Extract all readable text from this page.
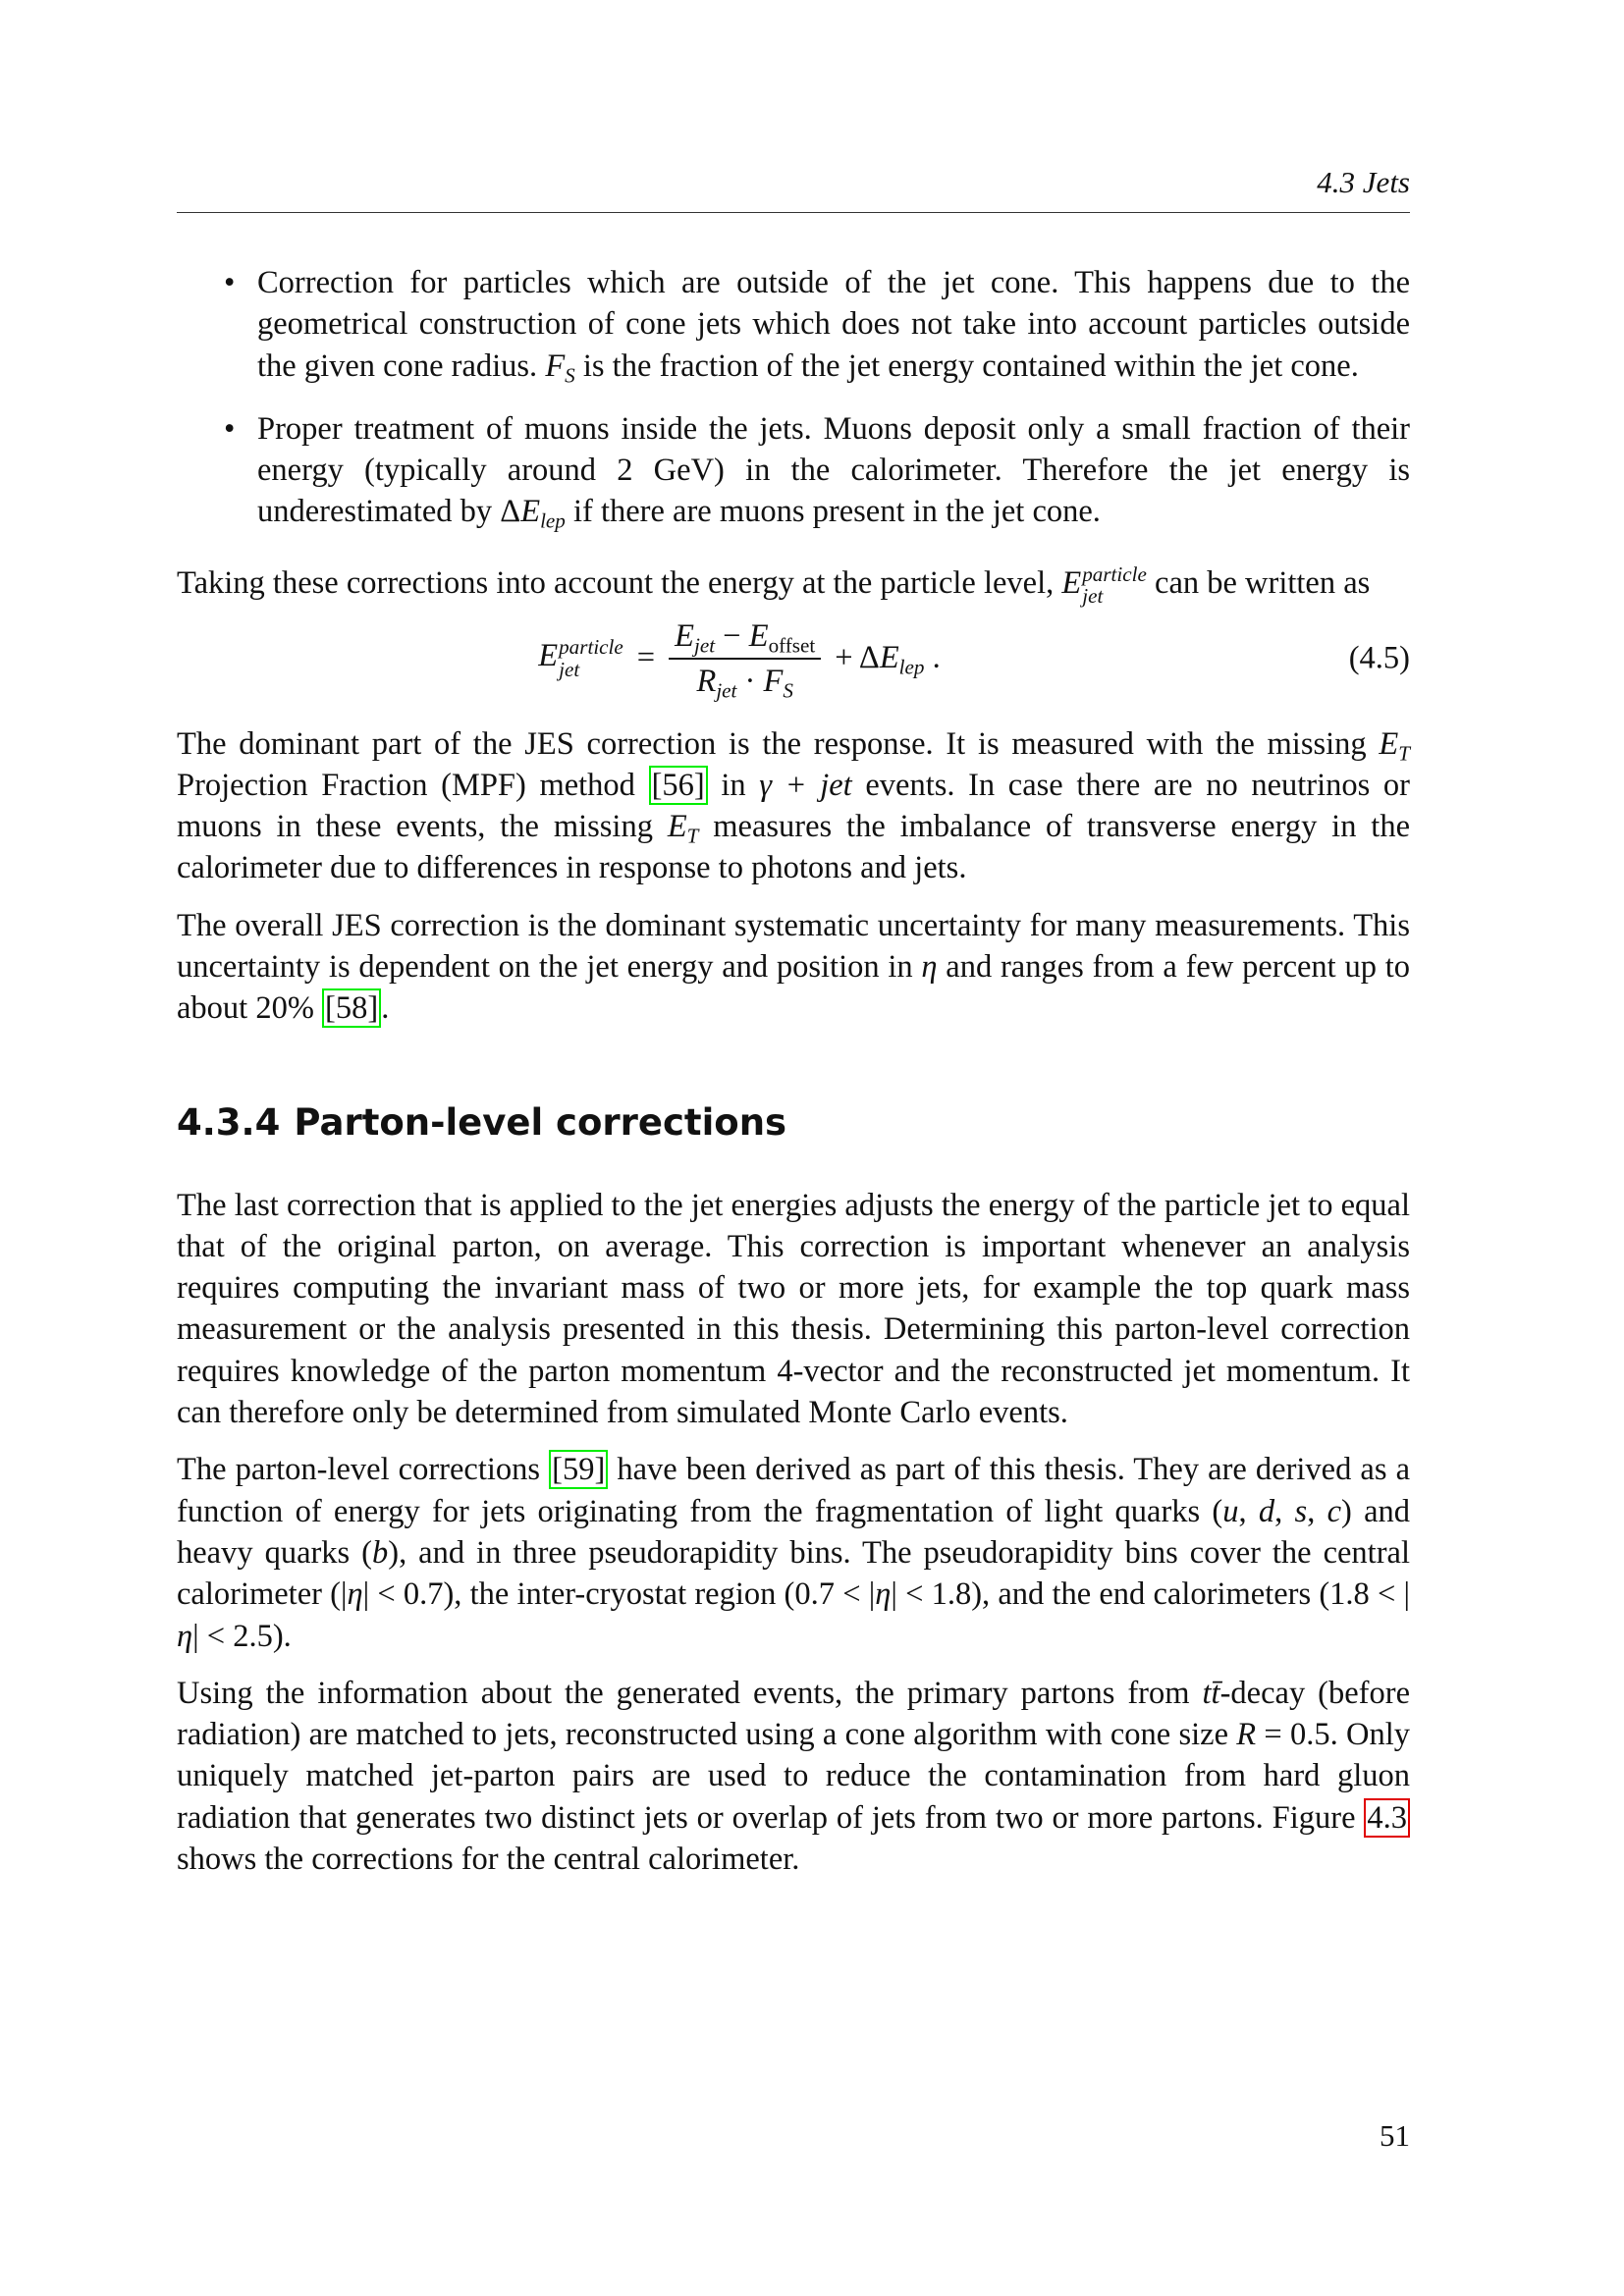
4.3 Jets
• Correction for particles which are outside of the jet cone. This happens due to the geometrical construction of cone jets which does not take into account particles outside the given cone radius. $F_S$ is the fraction of the jet energy contained within the jet cone.
• Proper treatment of muons inside the jets. Muons deposit only a small fraction of their energy (typically around 2 GeV) in the calorimeter. Therefore the jet energy is underestimated by $\Delta E_{lep}$ if there are muons present in the jet cone.

Taking these corrections into account the energy at the particle level, E particle
jet	can be written as

E particle
jet	= $\frac{E_{jet} - E_{offset}}{R_{jet} \cdot F_S} + \Delta E_{lep}$ .	(4.5)

The dominant part of the JES correction is the response. It is measured with the missing $E_T$ Projection Fraction (MPF) method [56] in γ + jet events. In case there are no neutrinos or muons in these events, the missing $E_T$ measures the imbalance of transverse energy in the calorimeter due to differences in response to photons and jets.

The overall JES correction is the dominant systematic uncertainty for many measurements. This uncertainty is dependent on the jet energy and position in η and ranges from a few percent up to about 20% [58].

4.3.4 Parton-level corrections

The last correction that is applied to the jet energies adjusts the energy of the particle jet to equal that of the original parton, on average. This correction is important whenever an analysis requires computing the invariant mass of two or more jets, for example the top quark mass measurement or the analysis presented in this thesis. Determining this parton-level correction requires knowledge of the parton momentum 4-vector and the reconstructed jet momentum. It can therefore only be determined from simulated Monte Carlo events.

The parton-level corrections [59] have been derived as part of this thesis. They are derived as a function of energy for jets originating from the fragmentation of light quarks (u, d, s, c) and heavy quarks (b), and in three pseudorapidity bins. The pseudorapidity bins cover the central calorimeter (|η| < 0.7), the inter-cryostat region (0.7 < |η| < 1.8), and the end calorimeters (1.8 < |η| < 2.5).

Using the information about the generated events, the primary partons from tt̄-decay (before radiation) are matched to jets, reconstructed using a cone algorithm with cone size R = 0.5. Only uniquely matched jet-parton pairs are used to reduce the contamination from hard gluon radiation that generates two distinct jets or overlap of jets from two or more partons. Figure 4.3 shows the corrections for the central calorimeter.

51
